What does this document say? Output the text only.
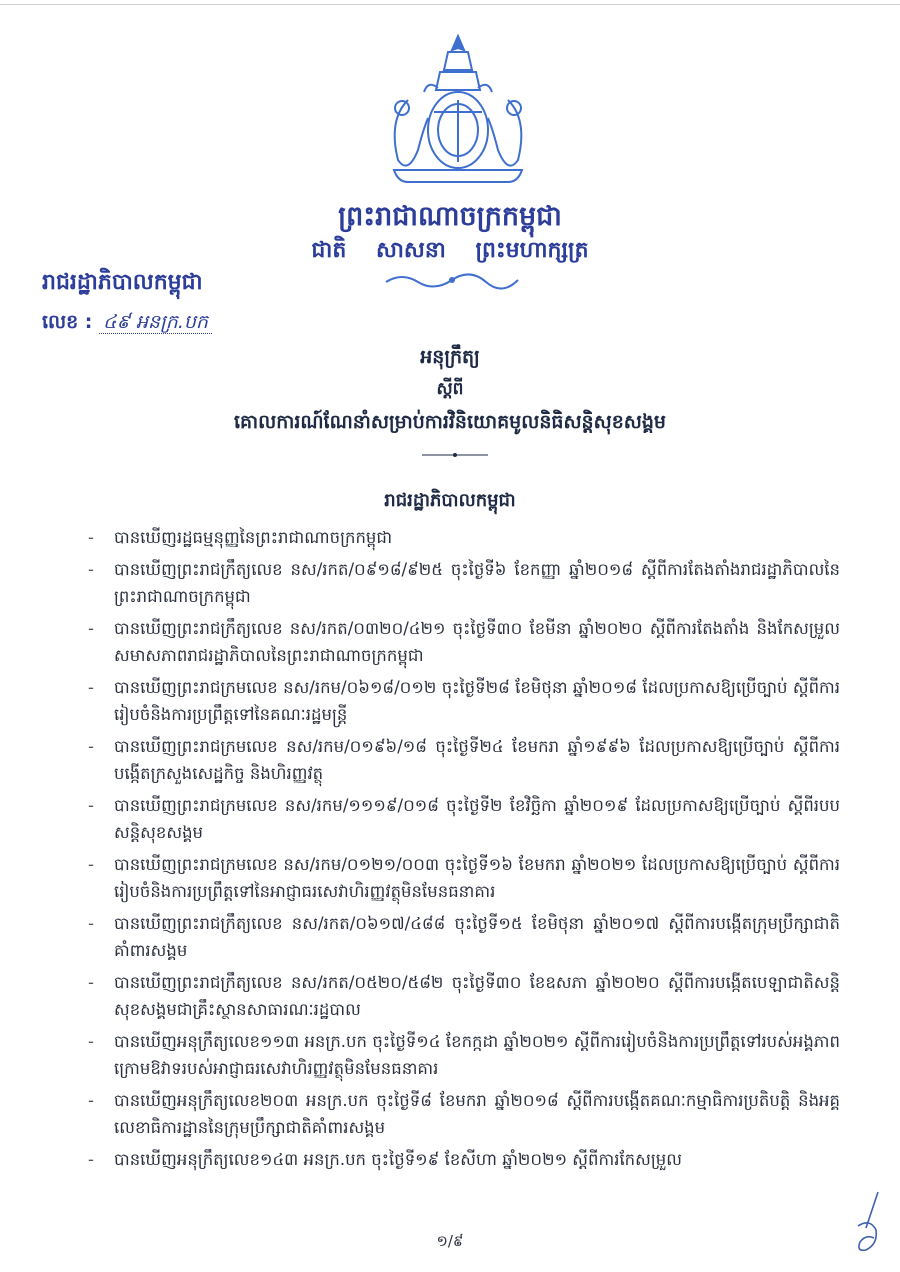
ព្រះរាជាណាចក្រកម្ពុជា
ជាតិ សាសនា ព្រះមហាក្សត្រ
រាជរដ្ឋាភិបាលកម្ពុជា
លេខ : ៤៩ អនក្រ.បក
អនុក្រឹត្យ
ស្តីពី
គោលការណ៍ណែនាំសម្រាប់ការវិនិយោគមូលនិធិសន្តិសុខសង្គម
រាជរដ្ឋាភិបាលកម្ពុជា
- បានឃើញរដ្ឋធម្មនុញ្ញនៃព្រះរាជាណាចក្រកម្ពុជា
- បានឃើញព្រះរាជក្រឹត្យលេខ នស/រកត/០៩១៨/៩២៥ ចុះថ្ងៃទី៦ ខែកញ្ញា ឆ្នាំ២០១៨ ស្តីពីការតែងតាំងរាជរដ្ឋាភិបាលនៃព្រះរាជាណាចក្រកម្ពុជា
- បានឃើញព្រះរាជក្រឹត្យលេខ នស/រកត/០៣២០/៤២១ ចុះថ្ងៃទី៣០ ខែមីនា ឆ្នាំ២០២០ ស្តីពីការតែងតាំង និងកែសម្រួលសមាសភាពរាជរដ្ឋាភិបាលនៃព្រះរាជាណាចក្រកម្ពុជា
- បានឃើញព្រះរាជក្រមលេខ នស/រកម/០៦១៨/០១២ ចុះថ្ងៃទី២៨ ខែមិថុនា ឆ្នាំ២០១៨ ដែលប្រកាសឱ្យប្រើច្បាប់ ស្តីពីការរៀបចំនិងការប្រព្រឹត្តទៅនៃគណៈរដ្ឋមន្ត្រី
- បានឃើញព្រះរាជក្រមលេខ នស/រកម/០១៩៦/១៨ ចុះថ្ងៃទី២៤ ខែមករា ឆ្នាំ១៩៩៦ ដែលប្រកាសឱ្យប្រើច្បាប់ ស្តីពីការបង្កើតក្រសួងសេដ្ឋកិច្ច និងហិរញ្ញវត្ថុ
- បានឃើញព្រះរាជក្រមលេខ នស/រកម/១១១៩/០១៨ ចុះថ្ងៃទី២ ខែវិច្ឆិកា ឆ្នាំ២០១៩ ដែលប្រកាសឱ្យប្រើច្បាប់ ស្តីពីរបបសន្តិសុខសង្គម
- បានឃើញព្រះរាជក្រមលេខ នស/រកម/០១២១/០០៣ ចុះថ្ងៃទី១៦ ខែមករា ឆ្នាំ២០២១ ដែលប្រកាសឱ្យប្រើច្បាប់ ស្តីពីការរៀបចំនិងការប្រព្រឹត្តទៅនៃអាជ្ញាធរសេវាហិរញ្ញវត្ថុមិនមែនធនាគារ
- បានឃើញព្រះរាជក្រឹត្យលេខ នស/រកត/០៦១៧/៤៨៨ ចុះថ្ងៃទី១៥ ខែមិថុនា ឆ្នាំ២០១៧ ស្តីពីការបង្កើតក្រុមប្រឹក្សាជាតិគាំពារសង្គម
- បានឃើញព្រះរាជក្រឹត្យលេខ នស/រកត/០៥២០/៥៨២ ចុះថ្ងៃទី៣០ ខែឧសភា ឆ្នាំ២០២០ ស្តីពីការបង្កើតបេឡាជាតិសន្តិសុខសង្គមជាគ្រឹះស្ថានសាធារណៈរដ្ឋបាល
- បានឃើញអនុក្រឹត្យលេខ១១៣ អនក្រ.បក ចុះថ្ងៃទី១៤ ខែកក្កដា ឆ្នាំ២០២១ ស្តីពីការរៀបចំនិងការប្រព្រឹត្តទៅរបស់អង្គភាពក្រោមឱវាទរបស់អាជ្ញាធរសេវាហិរញ្ញវត្ថុមិនមែនធនាគារ
- បានឃើញអនុក្រឹត្យលេខ២០៣ អនក្រ.បក ចុះថ្ងៃទី៨ ខែមករា ឆ្នាំ២០១៨ ស្តីពីការបង្កើតគណៈកម្មាធិការប្រតិបត្តិ និងអគ្គលេខាធិការដ្ឋាននៃក្រុមប្រឹក្សាជាតិគាំពារសង្គម
- បានឃើញអនុក្រឹត្យលេខ១៤៣ អនក្រ.បក ចុះថ្ងៃទី១៩ ខែសីហា ឆ្នាំ២០២១ ស្តីពីការកែសម្រួល
១/៩
